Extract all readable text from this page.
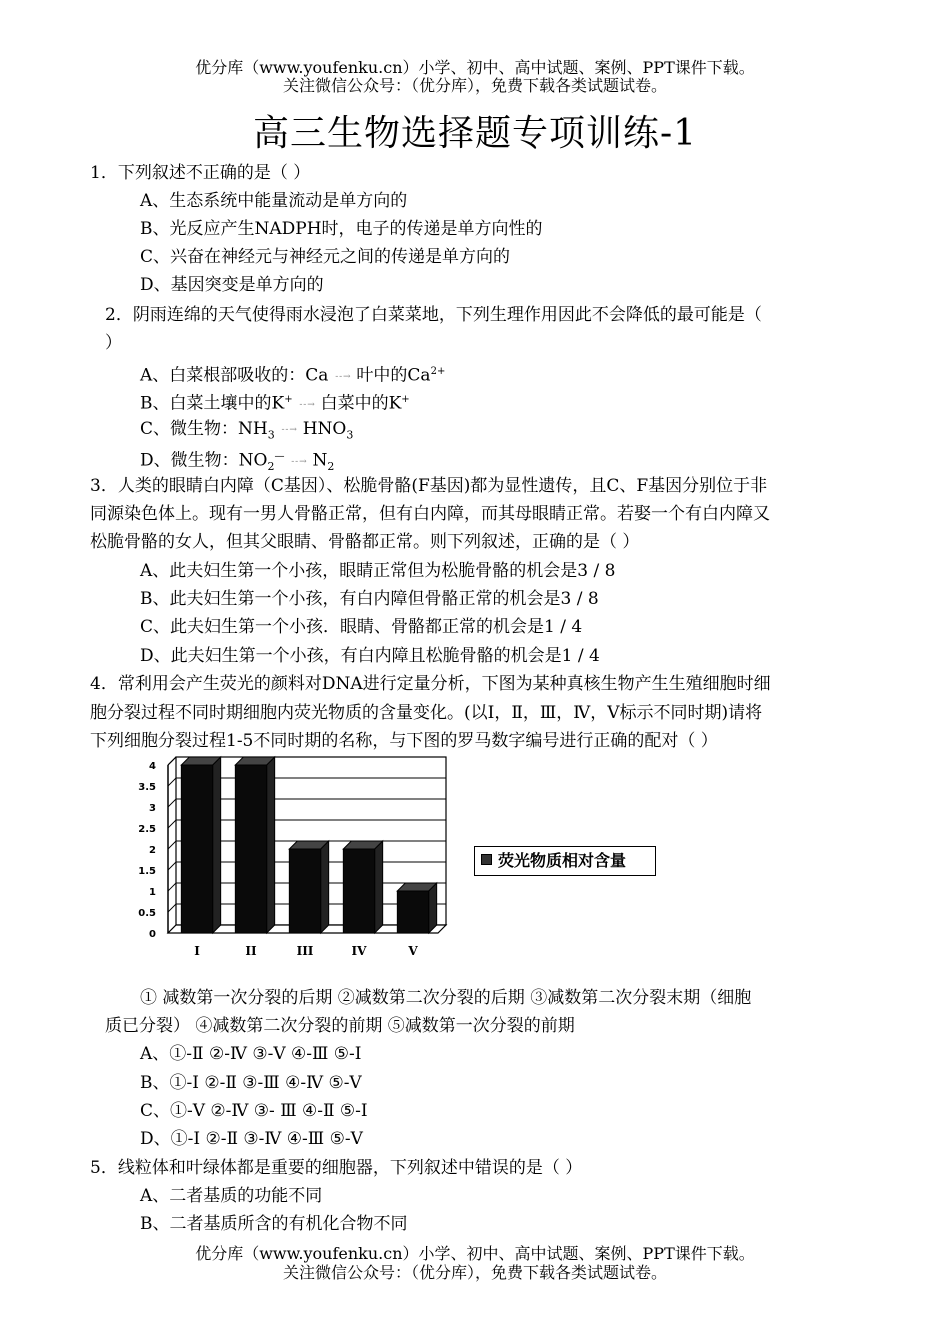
优分库（www.youfenku.cn）小学、初中、高中试题、案例、PPT课件下载。
关注微信公众号：（优分库），免费下载各类试题试卷。
高三生物选择题专项训练-1
1．下列叙述不正确的是（ ）
A、生态系统中能量流动是单方向的
B、光反应产生NADPH时，电子的传递是单方向性的
C、兴奋在神经元与神经元之间的传递是单方向的
D、基因突变是单方向的
2．阴雨连绵的天气使得雨水浸泡了白菜菜地，下列生理作用因此不会降低的最可能是（
）
A、白菜根部吸收的：Ca - - → 叶中的$Ca^{2+}$
B、白菜土壤中的K+ - - → 白菜中的K+
C、微生物：$NH_3$ - - → $HNO_3$
D、微生物：$NO_2^—$ - - → $N_2$
3．人类的眼睛白内障（C基因）、松脆骨骼(F基因)都为显性遗传，且C、F基因分别位于非
同源染色体上。现有一男人骨骼正常，但有白内障，而其母眼睛正常。若娶一个有白内障又
松脆骨骼的女人，但其父眼睛、骨骼都正常。则下列叙述，正确的是（ ）
A、此夫妇生第一个小孩，眼睛正常但为松脆骨骼的机会是3 / 8
B、此夫妇生第一个小孩，有白内障但骨骼正常的机会是3 / 8
C、此夫妇生第一个小孩．眼睛、骨骼都正常的机会是1 / 4
D、此夫妇生第一个小孩，有白内障且松脆骨骼的机会是1 / 4
4．常利用会产生荧光的颜料对DNA进行定量分析，下图为某种真核生物产生生殖细胞时细
胞分裂过程不同时期细胞内荧光物质的含量变化。(以Ⅰ，Ⅱ，Ⅲ，Ⅳ，Ⅴ标示不同时期)请将
下列细胞分裂过程1-5不同时期的名称，与下图的罗马数字编号进行正确的配对（ ）
0
0.5
1
1.5
2
2.5
3
3.5
4
I	II	III	IV	V
荧光物质相对含量
① 减数第一次分裂的后期 ②减数第二次分裂的后期 ③减数第二次分裂末期（细胞
质已分裂） ④减数第二次分裂的前期 ⑤减数第一次分裂的前期
A、①-Ⅱ ②-Ⅳ ③-Ⅴ ④-Ⅲ ⑤-Ⅰ
B、①-Ⅰ ②-Ⅱ ③-Ⅲ ④-Ⅳ ⑤-Ⅴ
C、①-Ⅴ ②-Ⅳ ③- Ⅲ ④-Ⅱ ⑤-Ⅰ
D、①-Ⅰ ②-Ⅱ ③-Ⅳ ④-Ⅲ ⑤-Ⅴ
5．线粒体和叶绿体都是重要的细胞器，下列叙述中错误的是（ ）
A、二者基质的功能不同
B、二者基质所含的有机化合物不同
优分库（www.youfenku.cn）小学、初中、高中试题、案例、PPT课件下载。
关注微信公众号：（优分库），免费下载各类试题试卷。
